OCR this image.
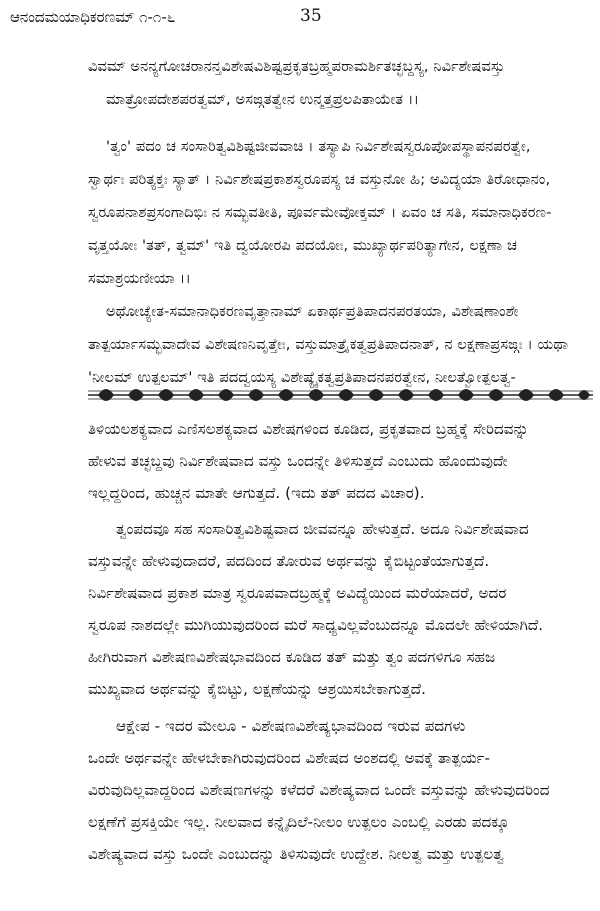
ಆನಂದಮಯಾಧಿಕರಣಮ್ ೧-೧-೬	35
ವಿವಮ್ ಅನನ್ಯಗೋಚರಾನನ್ತವಿಶೇಷವಿಶಿಷ್ಟಪ್ರಕೃತಬ್ರಹ್ಮಪರಾಮರ್ಶಿತಚ್ಛಬ್ದಸ್ಯ, ನಿರ್ವಿಶೇಷವಸ್ತು
ಮಾತ್ರೋಪದೇಶಪರತ್ವಮ್, ಅಸಙ್ಗತತ್ವೇನ ಉನ್ಮತ್ತಪ್ರಲಪಿತಾಯೇತ ।।
'ತ್ವಂ' ಪದಂ ಚ ಸಂಸಾರಿತ್ವವಿಶಿಷ್ಟಜೀವವಾಚಿ । ತಸ್ಯಾಪಿ ನಿರ್ವಿಶೇಷಸ್ವರೂಪೋಪಸ್ಥಾಪನಪರತ್ವೇ,
ಸ್ವಾರ್ಥಃ ಪರಿತ್ಯಕ್ತಃ ಸ್ಯಾತ್ । ನಿರ್ವಿಶೇಷಪ್ರಕಾಶಸ್ವರೂಪಸ್ಯ ಚ ವಸ್ತುನೋ ಹಿ; ಅವಿದ್ಯಯಾ ತಿರೋಧಾನಂ,
ಸ್ವರೂಪನಾಶಪ್ರಸಂಗಾದಿಭಿಃ ನ ಸಮ್ಭವತೀತಿ, ಪೂರ್ವಮೇವೋಕ್ತಮ್ । ಏವಂ ಚ ಸತಿ, ಸಮಾನಾಧಿಕರಣ-
ವೃತ್ತಯೋಃ 'ತತ್, ತ್ವಮ್' ಇತಿ ದ್ವಯೋರಪಿ ಪದಯೋಃ, ಮುಖ್ಯಾರ್ಥಪರಿತ್ಯಾಗೇನ, ಲಕ್ಷಣಾ ಚ
ಸಮಾಶ್ರಯಣೀಯಾ ।।
ಅಥೋಚ್ಯೇತ-ಸಮಾನಾಧಿಕರಣವೃತ್ತಾನಾಮ್ ಏಕಾರ್ಥಪ್ರತಿಪಾದನಪರತಯಾ, ವಿಶೇಷಣಾಂಶೇ
ತಾತ್ಪರ್ಯಾಸಮ್ಭವಾದೇವ ವಿಶೇಷಣನಿವೃತ್ತೇಃ, ವಸ್ತುಮಾತ್ರೈಕತ್ವಪ್ರತಿಪಾದನಾತ್, ನ ಲಕ್ಷಣಾಪ್ರಸಙ್ಗಃ । ಯಥಾ
'ನೀಲಮ್ ಉತ್ಪಲಮ್' ಇತಿ ಪದದ್ವಯಸ್ಯ ವಿಶೇಷ್ಯೈಕತ್ವಪ್ರತಿಪಾದನಪರತ್ವೇನ, ನೀಲತ್ವೋತ್ಪಲತ್ವ-
ತಿಳಿಯಲಶಕ್ಯವಾದ ಎಣಿಸಲಶಕ್ಯವಾದ ವಿಶೇಷಗಳಿಂದ ಕೂಡಿದ, ಪ್ರಕೃತವಾದ ಬ್ರಹ್ಮಕ್ಕೆ ಸೇರಿದವನ್ನು
ಹೇಳುವ ತಚ್ಛಬ್ದವು ನಿರ್ವಿಶೇಷವಾದ ವಸ್ತು ಒಂದನ್ನೇ ತಿಳಿಸುತ್ತದೆ ಎಂಬುದು ಹೊಂದುವುದೇ
ಇಲ್ಲದ್ದರಿಂದ, ಹುಚ್ಚನ ಮಾತೇ ಆಗುತ್ತದೆ. (ಇದು ತತ್ ಪದದ ವಿಚಾರ).
ತ್ವಂಪದವೂ ಸಹ ಸಂಸಾರಿತ್ವವಿಶಿಷ್ಟವಾದ ಜೀವವನ್ನೂ ಹೇಳುತ್ತದೆ. ಅದೂ ನಿರ್ವಿಶೇಷವಾದ
ವಸ್ತುವನ್ನೇ ಹೇಳುವುದಾದರೆ, ಪದದಿಂದ ತೋರುವ ಅರ್ಥವನ್ನು ಕೈಬಿಟ್ಟಂತೆಯಾಗುತ್ತದೆ.
ನಿರ್ವಿಶೇಷವಾದ ಪ್ರಕಾಶ ಮಾತ್ರ ಸ್ವರೂಪವಾದಬ್ರಹ್ಮಕ್ಕೆ ಅವಿದ್ಯೆಯಿಂದ ಮರೆಯಾದರೆ, ಅದರ
ಸ್ವರೂಪ ನಾಶದಲ್ಲೇ ಮುಗಿಯುವುದರಿಂದ ಮರೆ ಸಾಧ್ಯವಿಲ್ಲವೆಂಬುದನ್ನೂ ಮೊದಲೇ ಹೇಳಿಯಾಗಿದೆ.
ಹೀಗಿರುವಾಗ ವಿಶೇಷಣವಿಶೇಷಭಾವದಿಂದ ಕೂಡಿದ ತತ್ ಮತ್ತು ತ್ವಂ ಪದಗಳಿಗೂ ಸಹಜ
ಮುಖ್ಯವಾದ ಅರ್ಥವನ್ನು ಕೈಬಿಟ್ಟು, ಲಕ್ಷಣೆಯನ್ನು ಆಶ್ರಯಿಸಬೇಕಾಗುತ್ತದೆ.
ಆಕ್ಷೇಪ - ಇದರ ಮೇಲೂ - ವಿಶೇಷಣವಿಶೇಷ್ಯಭಾವದಿಂದ ಇರುವ ಪದಗಳು
ಒಂದೇ ಅರ್ಥವನ್ನೇ ಹೇಳಬೇಕಾಗಿರುವುದರಿಂದ ವಿಶೇಷದ ಅಂಶದಲ್ಲಿ ಅವಕ್ಕೆ ತಾತ್ಪರ್ಯ-
ವಿರುವುದಿಲ್ಲವಾದ್ದರಿಂದ ವಿಶೇಷಣಗಳನ್ನು ಕಳೆದರೆ ವಿಶೇಷ್ಯವಾದ ಒಂದೇ ವಸ್ತುವನ್ನು ಹೇಳುವುದರಿಂದ
ಲಕ್ಷಣೆಗೆ ಪ್ರಸಕ್ತಿಯೇ ಇಲ್ಲ. ನೀಲವಾದ ಕನ್ನೈದಿಲೆ-ನೀಲಂ ಉತ್ಪಲಂ ಎಂಬಲ್ಲಿ ಎರಡು ಪದಕ್ಕೂ
ವಿಶೇಷ್ಯವಾದ ವಸ್ತು ಒಂದೇ ಎಂಬುದನ್ನು ತಿಳಿಸುವುದೇ ಉದ್ದೇಶ. ನೀಲತ್ವ ಮತ್ತು ಉತ್ಪಲತ್ವ
